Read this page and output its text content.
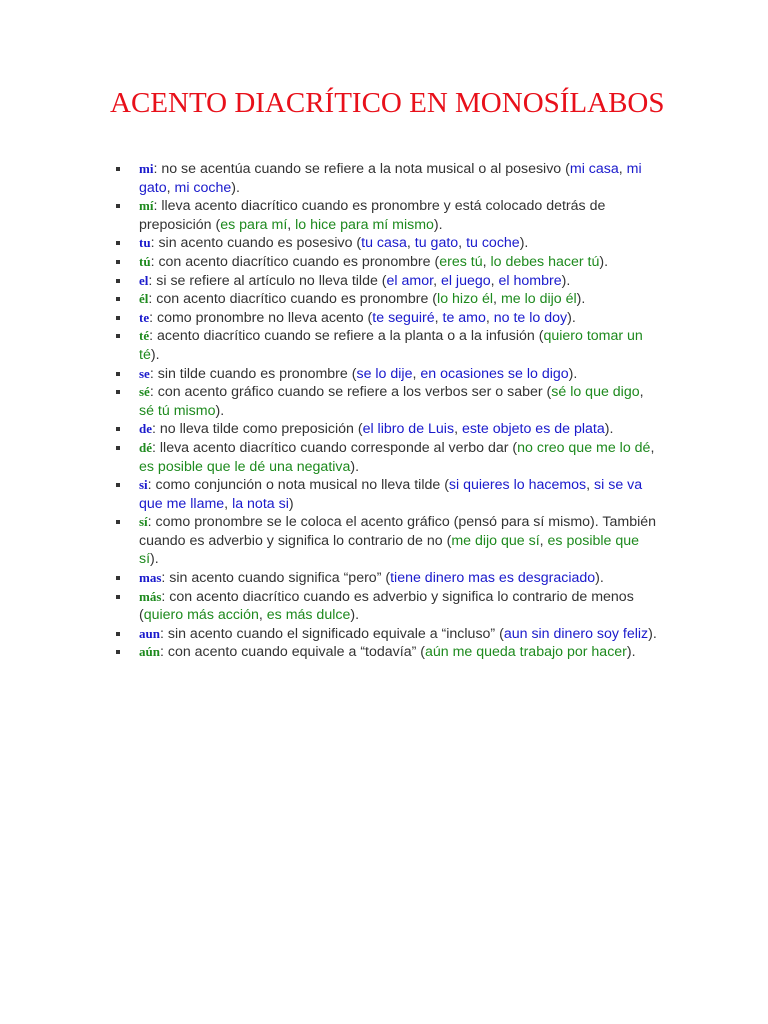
ACENTO DIACRÍTICO EN MONOSÍLABOS
mi: no se acentúa cuando se refiere a la nota musical o al posesivo (mi casa, mi gato, mi coche).
mí: lleva acento diacrítico cuando es pronombre y está colocado detrás de preposición (es para mí, lo hice para mí mismo).
tu: sin acento cuando es posesivo (tu casa, tu gato, tu coche).
tú: con acento diacrítico cuando es pronombre (eres tú, lo debes hacer tú).
el: si se refiere al artículo no lleva tilde (el amor, el juego, el hombre).
él: con acento diacrítico cuando es pronombre (lo hizo él, me lo dijo él).
te: como pronombre no lleva acento (te seguiré, te amo, no te lo doy).
té: acento diacrítico cuando se refiere a la planta o a la infusión (quiero tomar un té).
se: sin tilde cuando es pronombre (se lo dije, en ocasiones se lo digo).
sé: con acento gráfico cuando se refiere a los verbos ser o saber (sé lo que digo, sé tú mismo).
de: no lleva tilde como preposición (el libro de Luis, este objeto es de plata).
dé: lleva acento diacrítico cuando corresponde al verbo dar (no creo que me lo dé, es posible que le dé una negativa).
si: como conjunción o nota musical no lleva tilde (si quieres lo hacemos, si se va que me llame, la nota si)
sí: como pronombre se le coloca el acento gráfico (pensó para sí mismo). También cuando es adverbio y significa lo contrario de no (me dijo que sí, es posible que sí).
mas: sin acento cuando significa “pero” (tiene dinero mas es desgraciado).
más: con acento diacrítico cuando es adverbio y significa lo contrario de menos (quiero más acción, es más dulce).
aun: sin acento cuando el significado equivale a “incluso” (aun sin dinero soy feliz).
aún: con acento cuando equivale a “todavía” (aún me queda trabajo por hacer).
